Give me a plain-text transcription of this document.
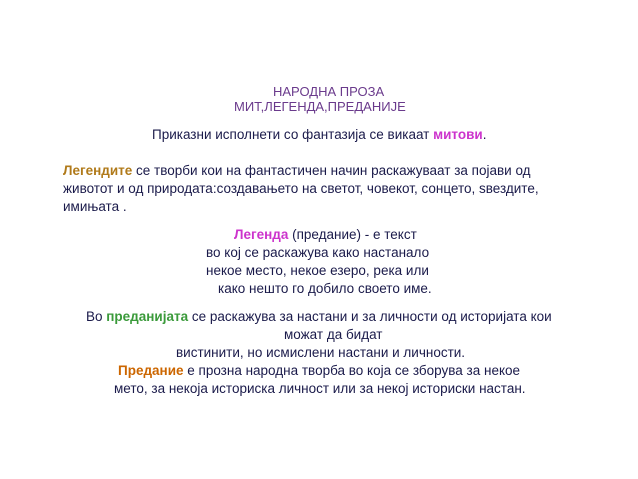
НАРОДНА ПРОЗА
МИТ,ЛЕГЕНДА,ПРЕДАНИЈЕ
Приказни исполнети со фантазија се викаат митови.
Легендите се творби кои на фантастичен начин раскажуваат за појави од
животот и од природата:создавањето на светот, човекот, сонцето, ѕвездите,
имињата .
Легенда (предание) - е текст
во кој се раскажува како настанало
некое место, некое езеро, река или
како нешто го добило своето име.
Во преданијата се раскажува за настани и за личности од историјата кои
можат да бидат
вистинити, но исмислени настани и личности.
Предание е прозна народна творба во која се зборува за некое
мето, за некоја историска личност или за некој историски настан.
